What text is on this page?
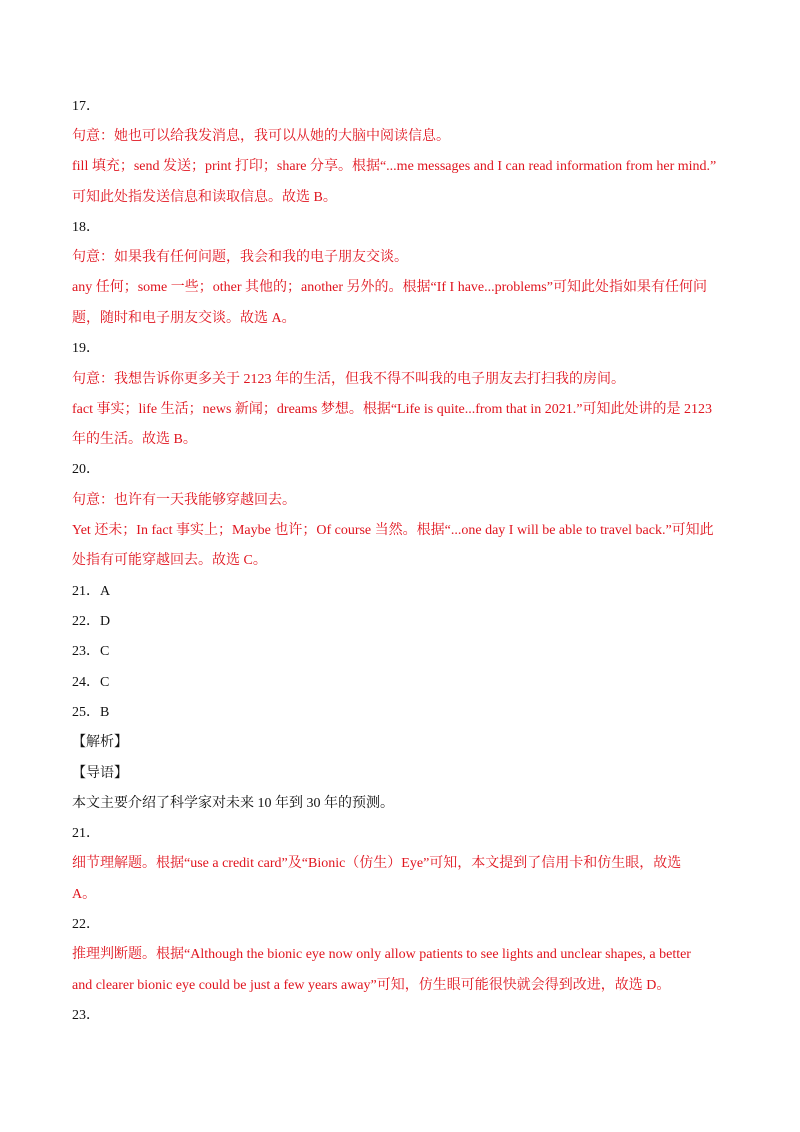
17．
句意：她也可以给我发消息，我可以从她的大脑中阅读信息。
fill 填充；send 发送；print 打印；share 分享。根据“...me messages and I can read information from her mind.”
可知此处指发送信息和读取信息。故选 B。
18．
句意：如果我有任何问题，我会和我的电子朋友交谈。
any 任何；some 一些；other 其他的；another 另外的。根据“If I have...problems”可知此处指如果有任何问
题，随时和电子朋友交谈。故选 A。
19．
句意：我想告诉你更多关于 2123 年的生活，但我不得不叫我的电子朋友去打扫我的房间。
fact 事实；life 生活；news 新闻；dreams 梦想。根据“Life is quite...from that in 2021.”可知此处讲的是 2123
年的生活。故选 B。
20．
句意：也许有一天我能够穿越回去。
Yet 还未；In fact 事实上；Maybe 也许；Of course 当然。根据“...one day I will be able to travel back.”可知此
处指有可能穿越回去。故选 C。
21．A
22．D
23．C
24．C
25．B
【解析】
【导语】
本文主要介绍了科学家对未来 10 年到 30 年的预测。
21．
细节理解题。根据“use a credit card”及“Bionic（仿生）Eye”可知，本文提到了信用卡和仿生眼，故选
A。
22．
推理判断题。根据“Although the bionic eye now only allow patients to see lights and unclear shapes, a better
and clearer bionic eye could be just a few years away”可知，仿生眼可能很快就会得到改进，故选 D。
23．
